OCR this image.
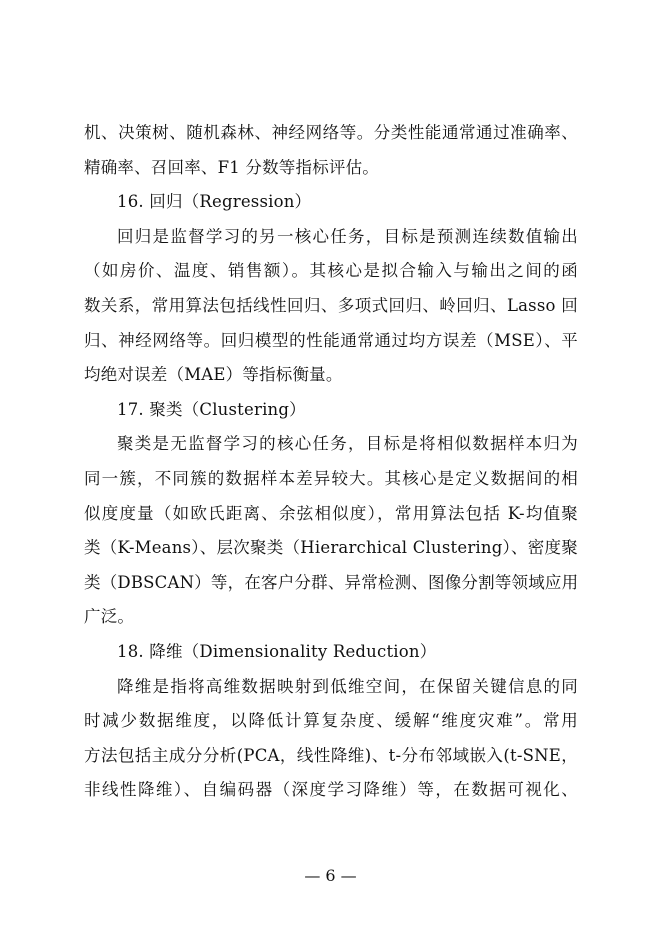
机、决策树、随机森林、神经网络等。分类性能通常通过准确率、
精确率、召回率、F1 分数等指标评估。
16. 回归（Regression）
回归是监督学习的另一核心任务，目标是预测连续数值输出
（如房价、温度、销售额）。其核心是拟合输入与输出之间的函
数关系，常用算法包括线性回归、多项式回归、岭回归、Lasso 回
归、神经网络等。回归模型的性能通常通过均方误差（MSE）、平
均绝对误差（MAE）等指标衡量。
17. 聚类（Clustering）
聚类是无监督学习的核心任务，目标是将相似数据样本归为
同一簇，不同簇的数据样本差异较大。其核心是定义数据间的相
似度度量（如欧氏距离、余弦相似度），常用算法包括 K-均值聚
类（K-Means）、层次聚类（Hierarchical Clustering）、密度聚
类（DBSCAN）等，在客户分群、异常检测、图像分割等领域应用
广泛。
18. 降维（Dimensionality Reduction）
降维是指将高维数据映射到低维空间，在保留关键信息的同
时减少数据维度，以降低计算复杂度、缓解“维度灾难”。常用
方法包括主成分分析(PCA，线性降维)、t-分布邻域嵌入(t-SNE，
非线性降维）、自编码器（深度学习降维）等，在数据可视化、
— 6 —
